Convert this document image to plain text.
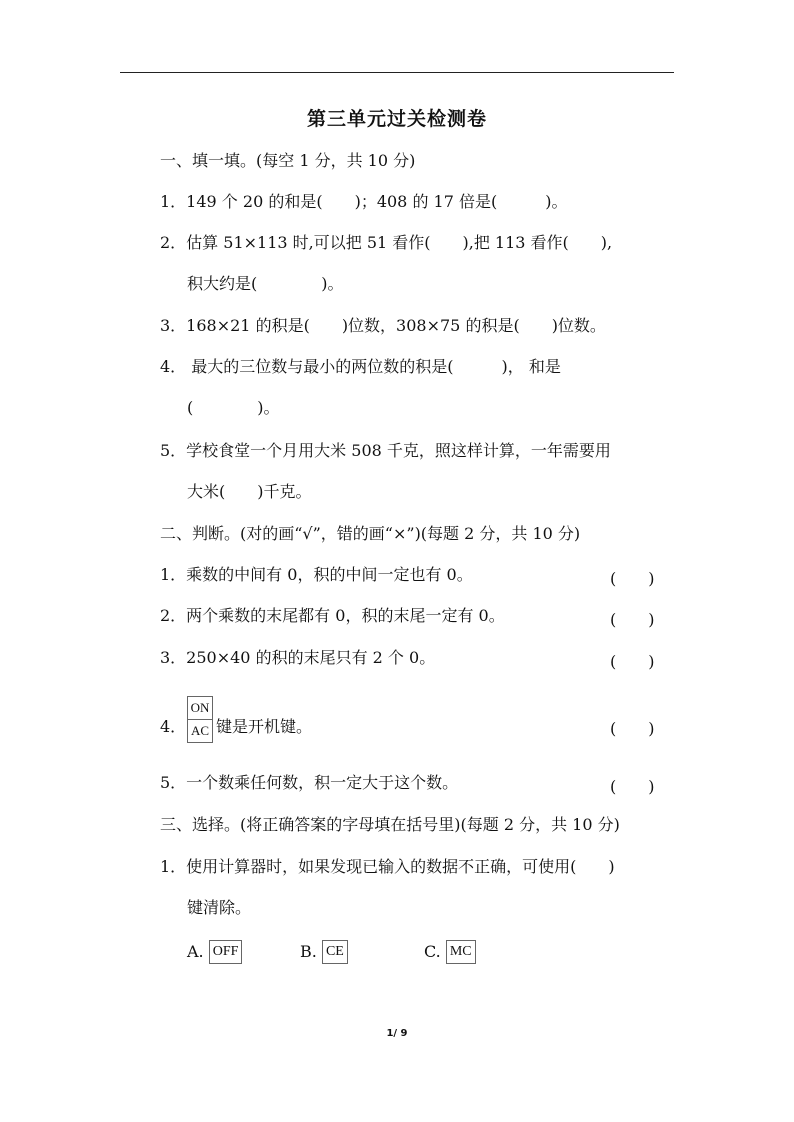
第三单元过关检测卷
一、填一填。(每空 1 分，共 10 分)
1．149 个 20 的和是(　　)；408 的 17 倍是(　　　)。
2．估算 51×113 时,可以把 51 看作(　　),把 113 看作(　　),
积大约是(　　　　)。
3．168×21 的积是(　　)位数，308×75 的积是(　　)位数。
4． 最大的三位数与最小的两位数的积是(　　　)， 和是
(　　　　)。
5．学校食堂一个月用大米 508 千克，照这样计算，一年需要用
大米(　　)千克。
二、判断。(对的画“√”，错的画“×”)(每题 2 分，共 10 分)
1．乘数的中间有 0，积的中间一定也有 0。	(　　)
2．两个乘数的末尾都有 0，积的末尾一定有 0。	(　　)
3．250×40 的积的末尾只有 2 个 0。	(　　)
4．
ON
AC 键是开机键。	(　　)
5．一个数乘任何数，积一定大于这个数。	(　　)
三、选择。(将正确答案的字母填在括号里)(每题 2 分，共 10 分)
1．使用计算器时，如果发现已输入的数据不正确，可使用(　　)
键清除。
A. OFF	B. CE	C. MC
1/ 9
